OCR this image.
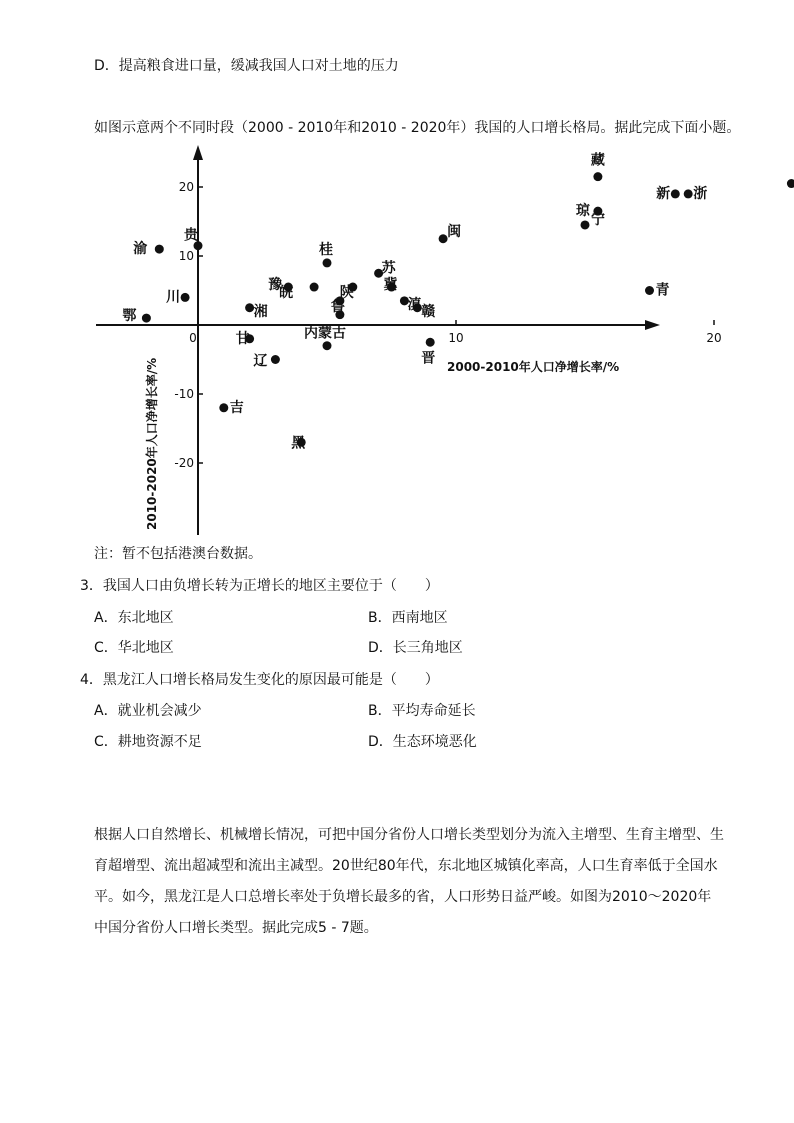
D．提高粮食进口量，缓减我国人口对土地的压力
如图示意两个不同时段（2000 - 2010年和2010 - 2020年）我国的人口增长格局。据此完成下面小题。
0	10	20
-20
-10
10
20
藏
新 浙
琼
宁
闽
渝
贵
桂
苏
豫	冀	青
皖	陕
鲁
川	滇
湘	赣
鄂
甘	内蒙古
晋
辽
吉
黑
2000-2010年人口净增长率/%
2010-2020年人口净增长率/%
注：暂不包括港澳台数据。
3．我国人口由负增长转为正增长的地区主要位于（　　）
A．东北地区	B．西南地区
C．华北地区	D．长三角地区
4．黑龙江人口增长格局发生变化的原因最可能是（　　）
A．就业机会减少	B．平均寿命延长
C．耕地资源不足	D．生态环境恶化
根据人口自然增长、机械增长情况，可把中国分省份人口增长类型划分为流入主增型、生育主增型、生育超增型、流出超减型和流出主减型。20世纪80年代，东北地区城镇化率高，人口生育率低于全国水平。如今，黑龙江是人口总增长率处于负增长最多的省，人口形势日益严峻。如图为2010～2020年中国分省份人口增长类型。据此完成5 - 7题。
